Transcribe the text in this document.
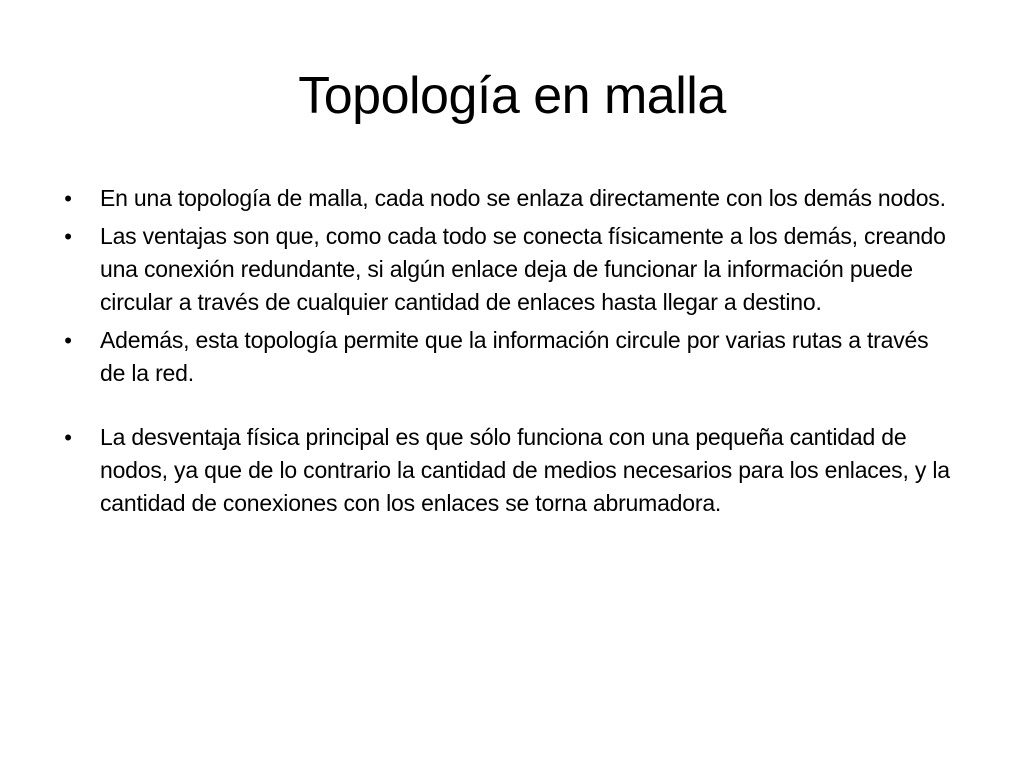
Topología en malla
• En una topología de malla, cada nodo se enlaza directamente con los demás nodos.
• Las ventajas son que, como cada todo se conecta físicamente a los demás, creando una conexión redundante, si algún enlace deja de funcionar la información puede circular a través de cualquier cantidad de enlaces hasta llegar a destino.
• Además, esta topología permite que la información circule por varias rutas a través de la red.
• La desventaja física principal es que sólo funciona con una pequeña cantidad de nodos, ya que de lo contrario la cantidad de medios necesarios para los enlaces, y la cantidad de conexiones con los enlaces se torna abrumadora.
